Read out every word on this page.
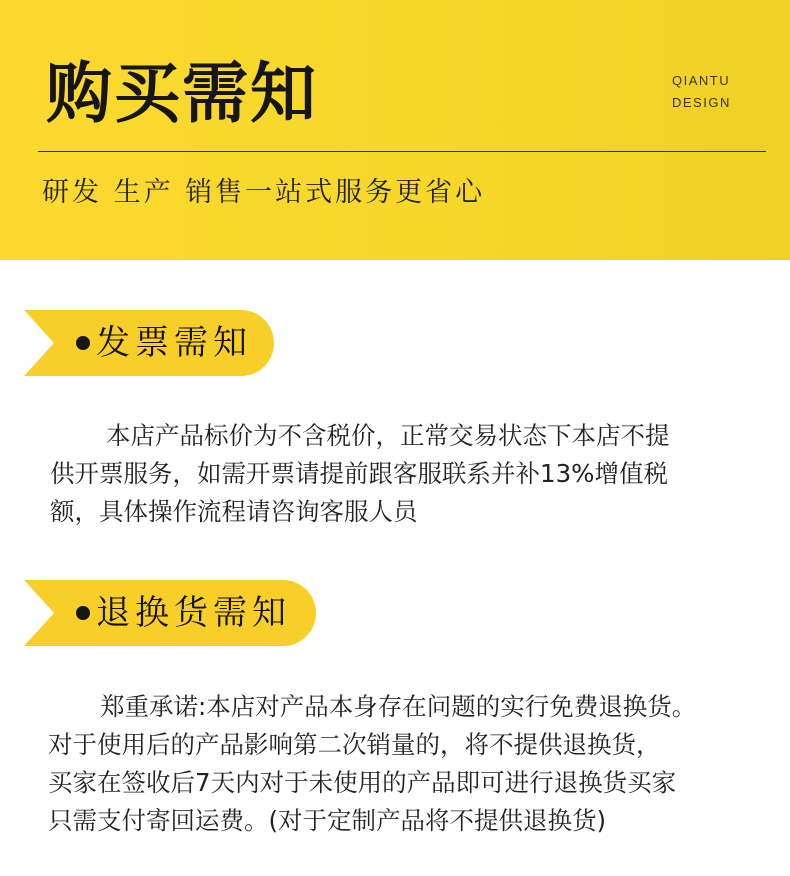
购买需知	QIANTU
DESIGN
研发 生产 销售一站式服务更省心
发票需知
本店产品标价为不含税价，正常交易状态下本店不提
供开票服务，如需开票请提前跟客服联系并补13%增值税
额，具体操作流程请咨询客服人员
退换货需知
郑重承诺:本店对产品本身存在问题的实行免费退换货。
对于使用后的产品影响第二次销量的，将不提供退换货，
买家在签收后7天内对于未使用的产品即可进行退换货买家
只需支付寄回运费。(对于定制产品将不提供退换货)
